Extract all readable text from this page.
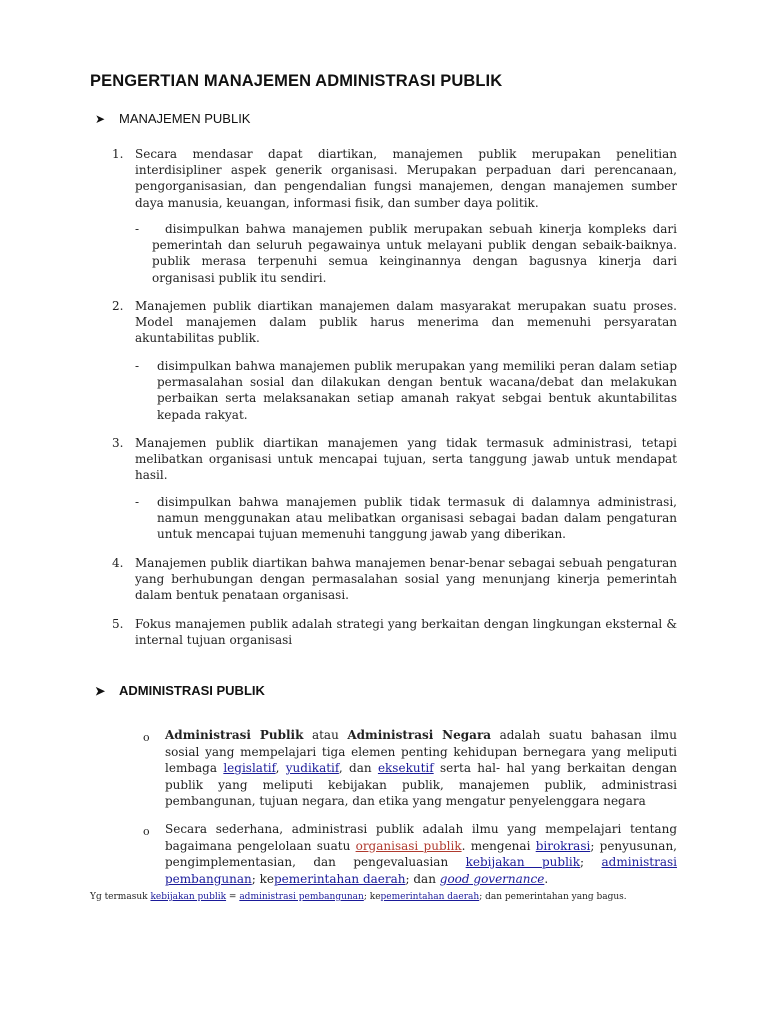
PENGERTIAN MANAJEMEN ADMINISTRASI PUBLIK
➤ MANAJEMEN PUBLIK
1. Secara mendasar dapat diartikan, manajemen publik merupakan penelitian interdisipliner aspek generik organisasi. Merupakan perpaduan dari perencanaan, pengorganisasian, dan pengendalian fungsi manajemen, dengan manajemen sumber daya manusia, keuangan, informasi fisik, dan sumber daya politik.
-	disimpulkan bahwa manajemen publik merupakan sebuah kinerja kompleks dari pemerintah dan seluruh pegawainya untuk melayani publik dengan sebaik-baiknya. publik merasa terpenuhi semua keinginannya dengan bagusnya kinerja dari organisasi publik itu sendiri.
2. Manajemen publik diartikan manajemen dalam masyarakat merupakan suatu proses. Model manajemen dalam publik harus menerima dan memenuhi persyaratan akuntabilitas publik.
- disimpulkan bahwa manajemen publik merupakan yang memiliki peran dalam setiap permasalahan sosial dan dilakukan dengan bentuk wacana/debat dan melakukan perbaikan serta melaksanakan setiap amanah rakyat sebgai bentuk akuntabilitas kepada rakyat.
3. Manajemen publik diartikan manajemen yang tidak termasuk administrasi, tetapi melibatkan organisasi untuk mencapai tujuan, serta tanggung jawab untuk mendapat hasil.
- disimpulkan bahwa manajemen publik tidak termasuk di dalamnya administrasi, namun menggunakan atau melibatkan organisasi sebagai badan dalam pengaturan untuk mencapai tujuan memenuhi tanggung jawab yang diberikan.
4. Manajemen publik diartikan bahwa manajemen benar-benar sebagai sebuah pengaturan yang berhubungan dengan permasalahan sosial yang menunjang kinerja pemerintah dalam bentuk penataan organisasi.
5. Fokus manajemen publik adalah strategi yang berkaitan dengan lingkungan eksternal & internal tujuan organisasi
➤ ADMINISTRASI PUBLIK
o Administrasi Publik atau Administrasi Negara adalah suatu bahasan ilmu sosial yang mempelajari tiga elemen penting kehidupan bernegara yang meliputi lembaga legislatif, yudikatif, dan eksekutif serta hal- hal yang berkaitan dengan publik yang meliputi kebijakan publik, manajemen publik, administrasi pembangunan, tujuan negara, dan etika yang mengatur penyelenggara negara
o Secara sederhana, administrasi publik adalah ilmu yang mempelajari tentang bagaimana pengelolaan suatu organisasi publik. mengenai birokrasi; penyusunan, pengimplementasian, dan pengevaluasian kebijakan publik; administrasi pembangunan; kepemerintahan daerah; dan good governance.
Yg termasuk kebijakan publik = administrasi pembangunan; kepemerintahan daerah; dan pemerintahan yang bagus.
